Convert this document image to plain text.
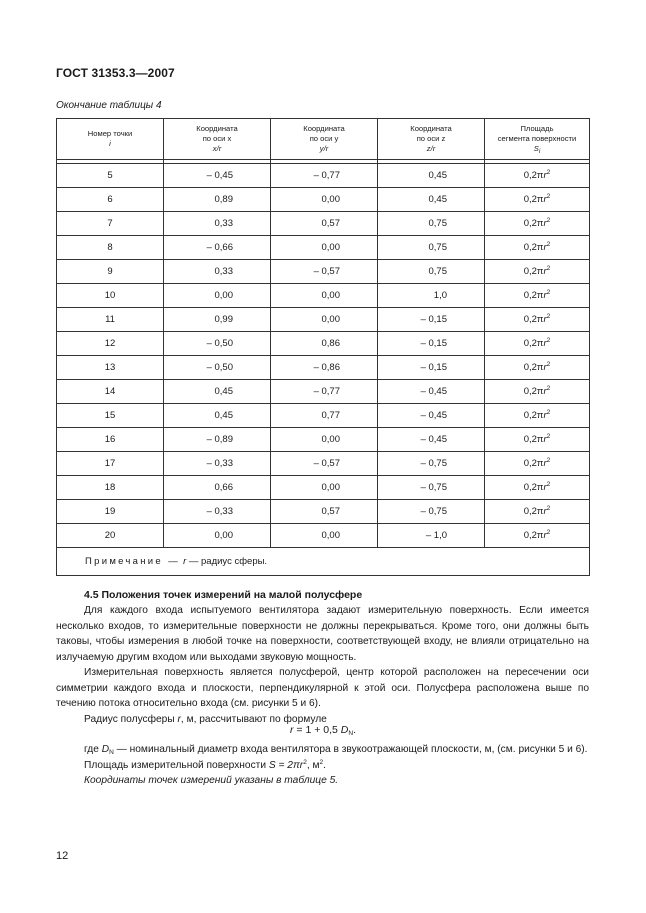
ГОСТ 31353.3—2007
Окончание таблицы 4
Номер точки
i	Координата
по оси x
x/r	Координата
по оси y
y/r	Координата
по оси z
z/r	Площадь
сегмента поверхности
$S_i$

5	– 0,45	– 0,77	0,45	$0,2\pi r^2$
6	0,89	0,00	0,45	$0,2\pi r^2$
7	0,33	0,57	0,75	$0,2\pi r^2$
8	– 0,66	0,00	0,75	$0,2\pi r^2$
9	0,33	– 0,57	0,75	$0,2\pi r^2$
10	0,00	0,00	1,0	$0,2\pi r^2$
11	0,99	0,00	– 0,15	$0,2\pi r^2$
12	– 0,50	0,86	– 0,15	$0,2\pi r^2$
13	– 0,50	– 0,86	– 0,15	$0,2\pi r^2$
14	0,45	– 0,77	– 0,45	$0,2\pi r^2$
15	0,45	0,77	– 0,45	$0,2\pi r^2$
16	– 0,89	0,00	– 0,45	$0,2\pi r^2$
17	– 0,33	– 0,57	– 0,75	$0,2\pi r^2$
18	0,66	0,00	– 0,75	$0,2\pi r^2$
19	– 0,33	0,57	– 0,75	$0,2\pi r^2$
20	0,00	0,00	– 1,0	$0,2\pi r^2$
Примечание — r — радиус сферы.				
4.5 Положения точек измерений на малой полусфере

Для каждого входа испытуемого вентилятора задают измерительную поверхность. Если имеется несколько входов, то измерительные поверхности не должны перекрываться. Кроме того, они должны быть таковы, чтобы измерения в любой точке на поверхности, соответствующей входу, не влияли отрицательно на излучаемую другим входом или выходами звуковую мощность.

Измерительная поверхность является полусферой, центр которой расположен на пересечении оси симметрии каждого входа и плоскости, перпендикулярной к этой оси. Полусфера расположена выше по течению потока относительно входа (см. рисунки 5 и 6).

Радиус полусферы r, м, рассчитывают по формуле

r = 1 + 0,5 $D_N$.

где $D_N$ — номинальный диаметр входа вентилятора в звукоотражающей плоскости, м, (см. рисунки 5 и 6).

Площадь измерительной поверхности $S = 2\pi r^2$, $м^2$.

Координаты точек измерений указаны в таблице 5.

12
